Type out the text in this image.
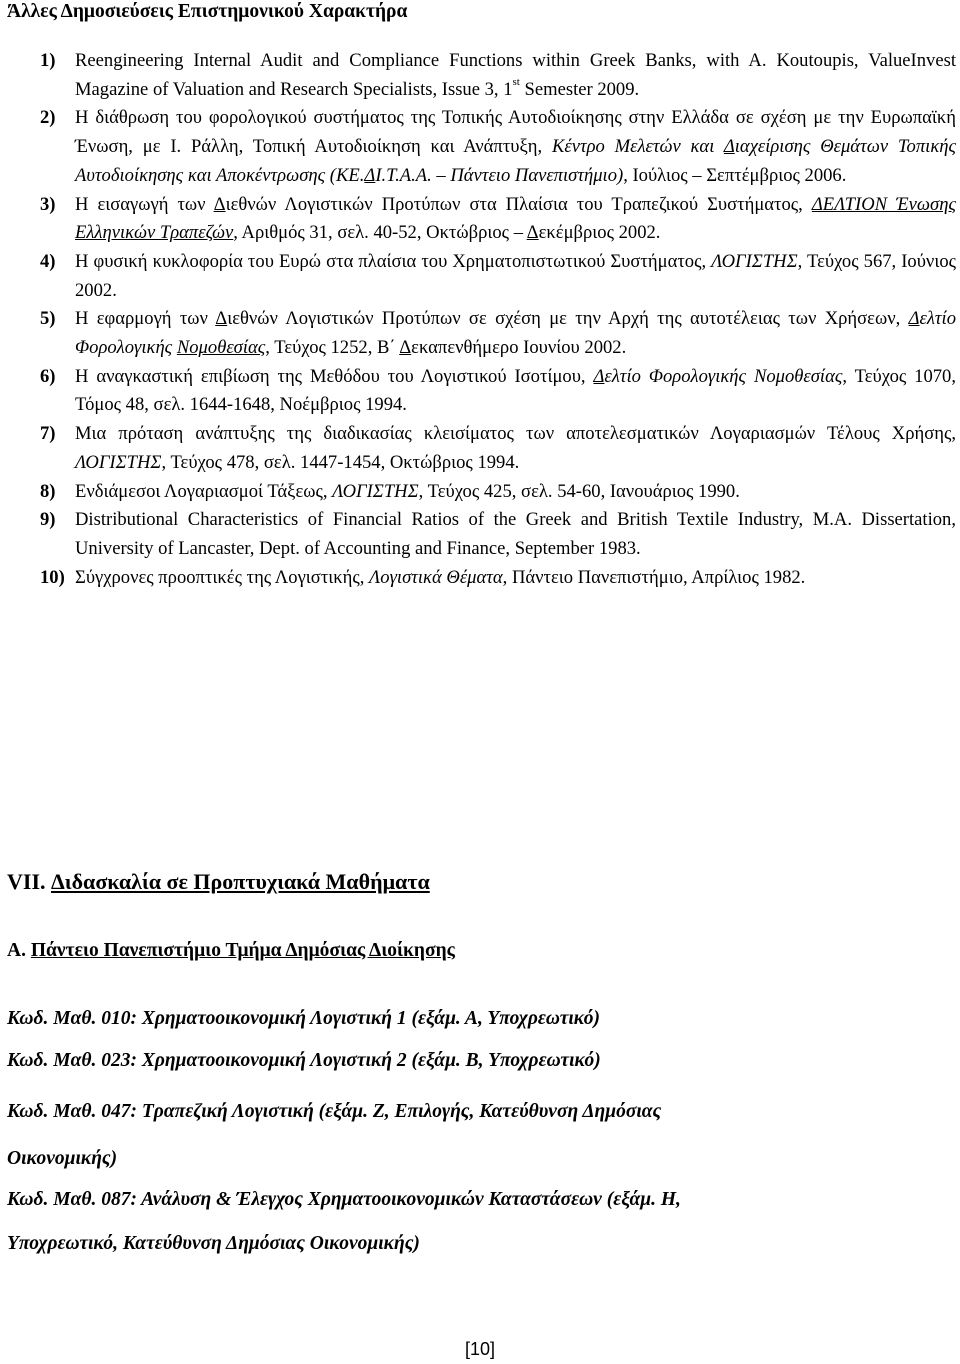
Άλλες Δημοσιεύσεις Επιστημονικού Χαρακτήρα
1) Reengineering Internal Audit and Compliance Functions within Greek Banks, with A. Koutoupis, ValueInvest Magazine of Valuation and Research Specialists, Issue 3, 1st Semester 2009.
2) Η διάθρωση του φορολογικού συστήματος της Τοπικής Αυτοδιοίκησης στην Ελλάδα σε σχέση με την Ευρωπαϊκή Ένωση, με Ι. Ράλλη, Τοπική Αυτοδιοίκηση και Ανάπτυξη, Κέντρο Μελετών και Διαχείρισης Θεμάτων Τοπικής Αυτοδιοίκησης και Αποκέντρωσης (ΚΕ.ΔΙ.Τ.Α.Α. – Πάντειο Πανεπιστήμιο), Ιούλιος – Σεπτέμβριος 2006.
3) Η εισαγωγή των Διεθνών Λογιστικών Προτύπων στα Πλαίσια του Τραπεζικού Συστήματος, ΔΕΛΤΙΟΝ Ένωσης Ελληνικών Τραπεζών, Αριθμός 31, σελ. 40-52, Οκτώβριος – Δεκέμβριος 2002.
4) Η φυσική κυκλοφορία του Ευρώ στα πλαίσια του Χρηματοπιστωτικού Συστήματος, ΛΟΓΙΣΤΗΣ, Τεύχος 567, Ιούνιος 2002.
5) Η εφαρμογή των Διεθνών Λογιστικών Προτύπων σε σχέση με την Αρχή της αυτοτέλειας των Χρήσεων, Δελτίο Φορολογικής Νομοθεσίας, Τεύχος 1252, Β΄ Δεκαπενθήμερο Ιουνίου 2002.
6) Η αναγκαστική επιβίωση της Μεθόδου του Λογιστικού Ισοτίμου, Δελτίο Φορολογικής Νομοθεσίας, Τεύχος 1070, Τόμος 48, σελ. 1644-1648, Νοέμβριος 1994.
7) Μια πρόταση ανάπτυξης της διαδικασίας κλεισίματος των αποτελεσματικών Λογαριασμών Τέλους Χρήσης, ΛΟΓΙΣΤΗΣ, Τεύχος 478, σελ. 1447-1454, Οκτώβριος 1994.
8) Ενδιάμεσοι Λογαριασμοί Τάξεως, ΛΟΓΙΣΤΗΣ, Τεύχος 425, σελ. 54-60, Ιανουάριος 1990.
9) Distributional Characteristics of Financial Ratios of the Greek and British Textile Industry, M.A. Dissertation, University of Lancaster, Dept. of Accounting and Finance, September 1983.
10) Σύγχρονες προοπτικές της Λογιστικής, Λογιστικά Θέματα, Πάντειο Πανεπιστήμιο, Απρίλιος 1982.
VII. Διδασκαλία σε Προπτυχιακά Μαθήματα
Α. Πάντειο Πανεπιστήμιο Τμήμα Δημόσιας Διοίκησης
Κωδ. Μαθ. 010: Χρηματοοικονομική Λογιστική 1 (εξάμ. Α, Υποχρεωτικό)
Κωδ. Μαθ. 023: Χρηματοοικονομική Λογιστική 2 (εξάμ. Β, Υποχρεωτικό)
Κωδ. Μαθ. 047: Τραπεζική Λογιστική (εξάμ. Ζ, Επιλογής, Κατεύθυνση Δημόσιας
Οικονομικής)
Κωδ. Μαθ. 087: Ανάλυση & Έλεγχος Χρηματοοικονομικών Καταστάσεων (εξάμ. Η,
Υποχρεωτικό, Κατεύθυνση Δημόσιας Οικονομικής)
[10]
